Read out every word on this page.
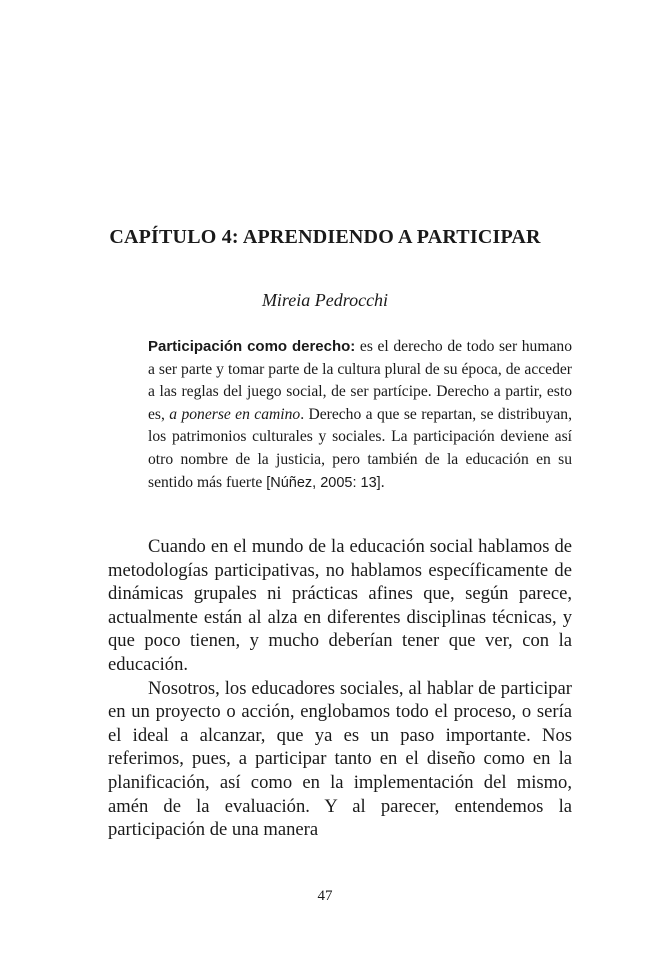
CAPÍTULO 4: APRENDIENDO A PARTICIPAR

Mireia Pedrocchi

Participación como derecho: es el derecho de todo ser humano a ser parte y tomar parte de la cultura plural de su época, de acceder a las reglas del juego social, de ser partícipe. Derecho a partir, esto es, a ponerse en camino. Derecho a que se repartan, se distribuyan, los patrimonios culturales y sociales. La participación deviene así otro nombre de la justicia, pero también de la educación en su sentido más fuerte [Núñez, 2005: 13].

Cuando en el mundo de la educación social hablamos de metodologías participativas, no hablamos específicamente de dinámicas grupales ni prácticas afines que, según parece, actualmente están al alza en diferentes disciplinas técnicas, y que poco tienen, y mucho deberían tener que ver, con la educación.

Nosotros, los educadores sociales, al hablar de participar en un proyecto o acción, englobamos todo el proceso, o sería el ideal a alcanzar, que ya es un paso importante. Nos referimos, pues, a participar tanto en el diseño como en la planificación, así como en la implementación del mismo, amén de la evaluación. Y al parecer, entendemos la participación de una manera

47
